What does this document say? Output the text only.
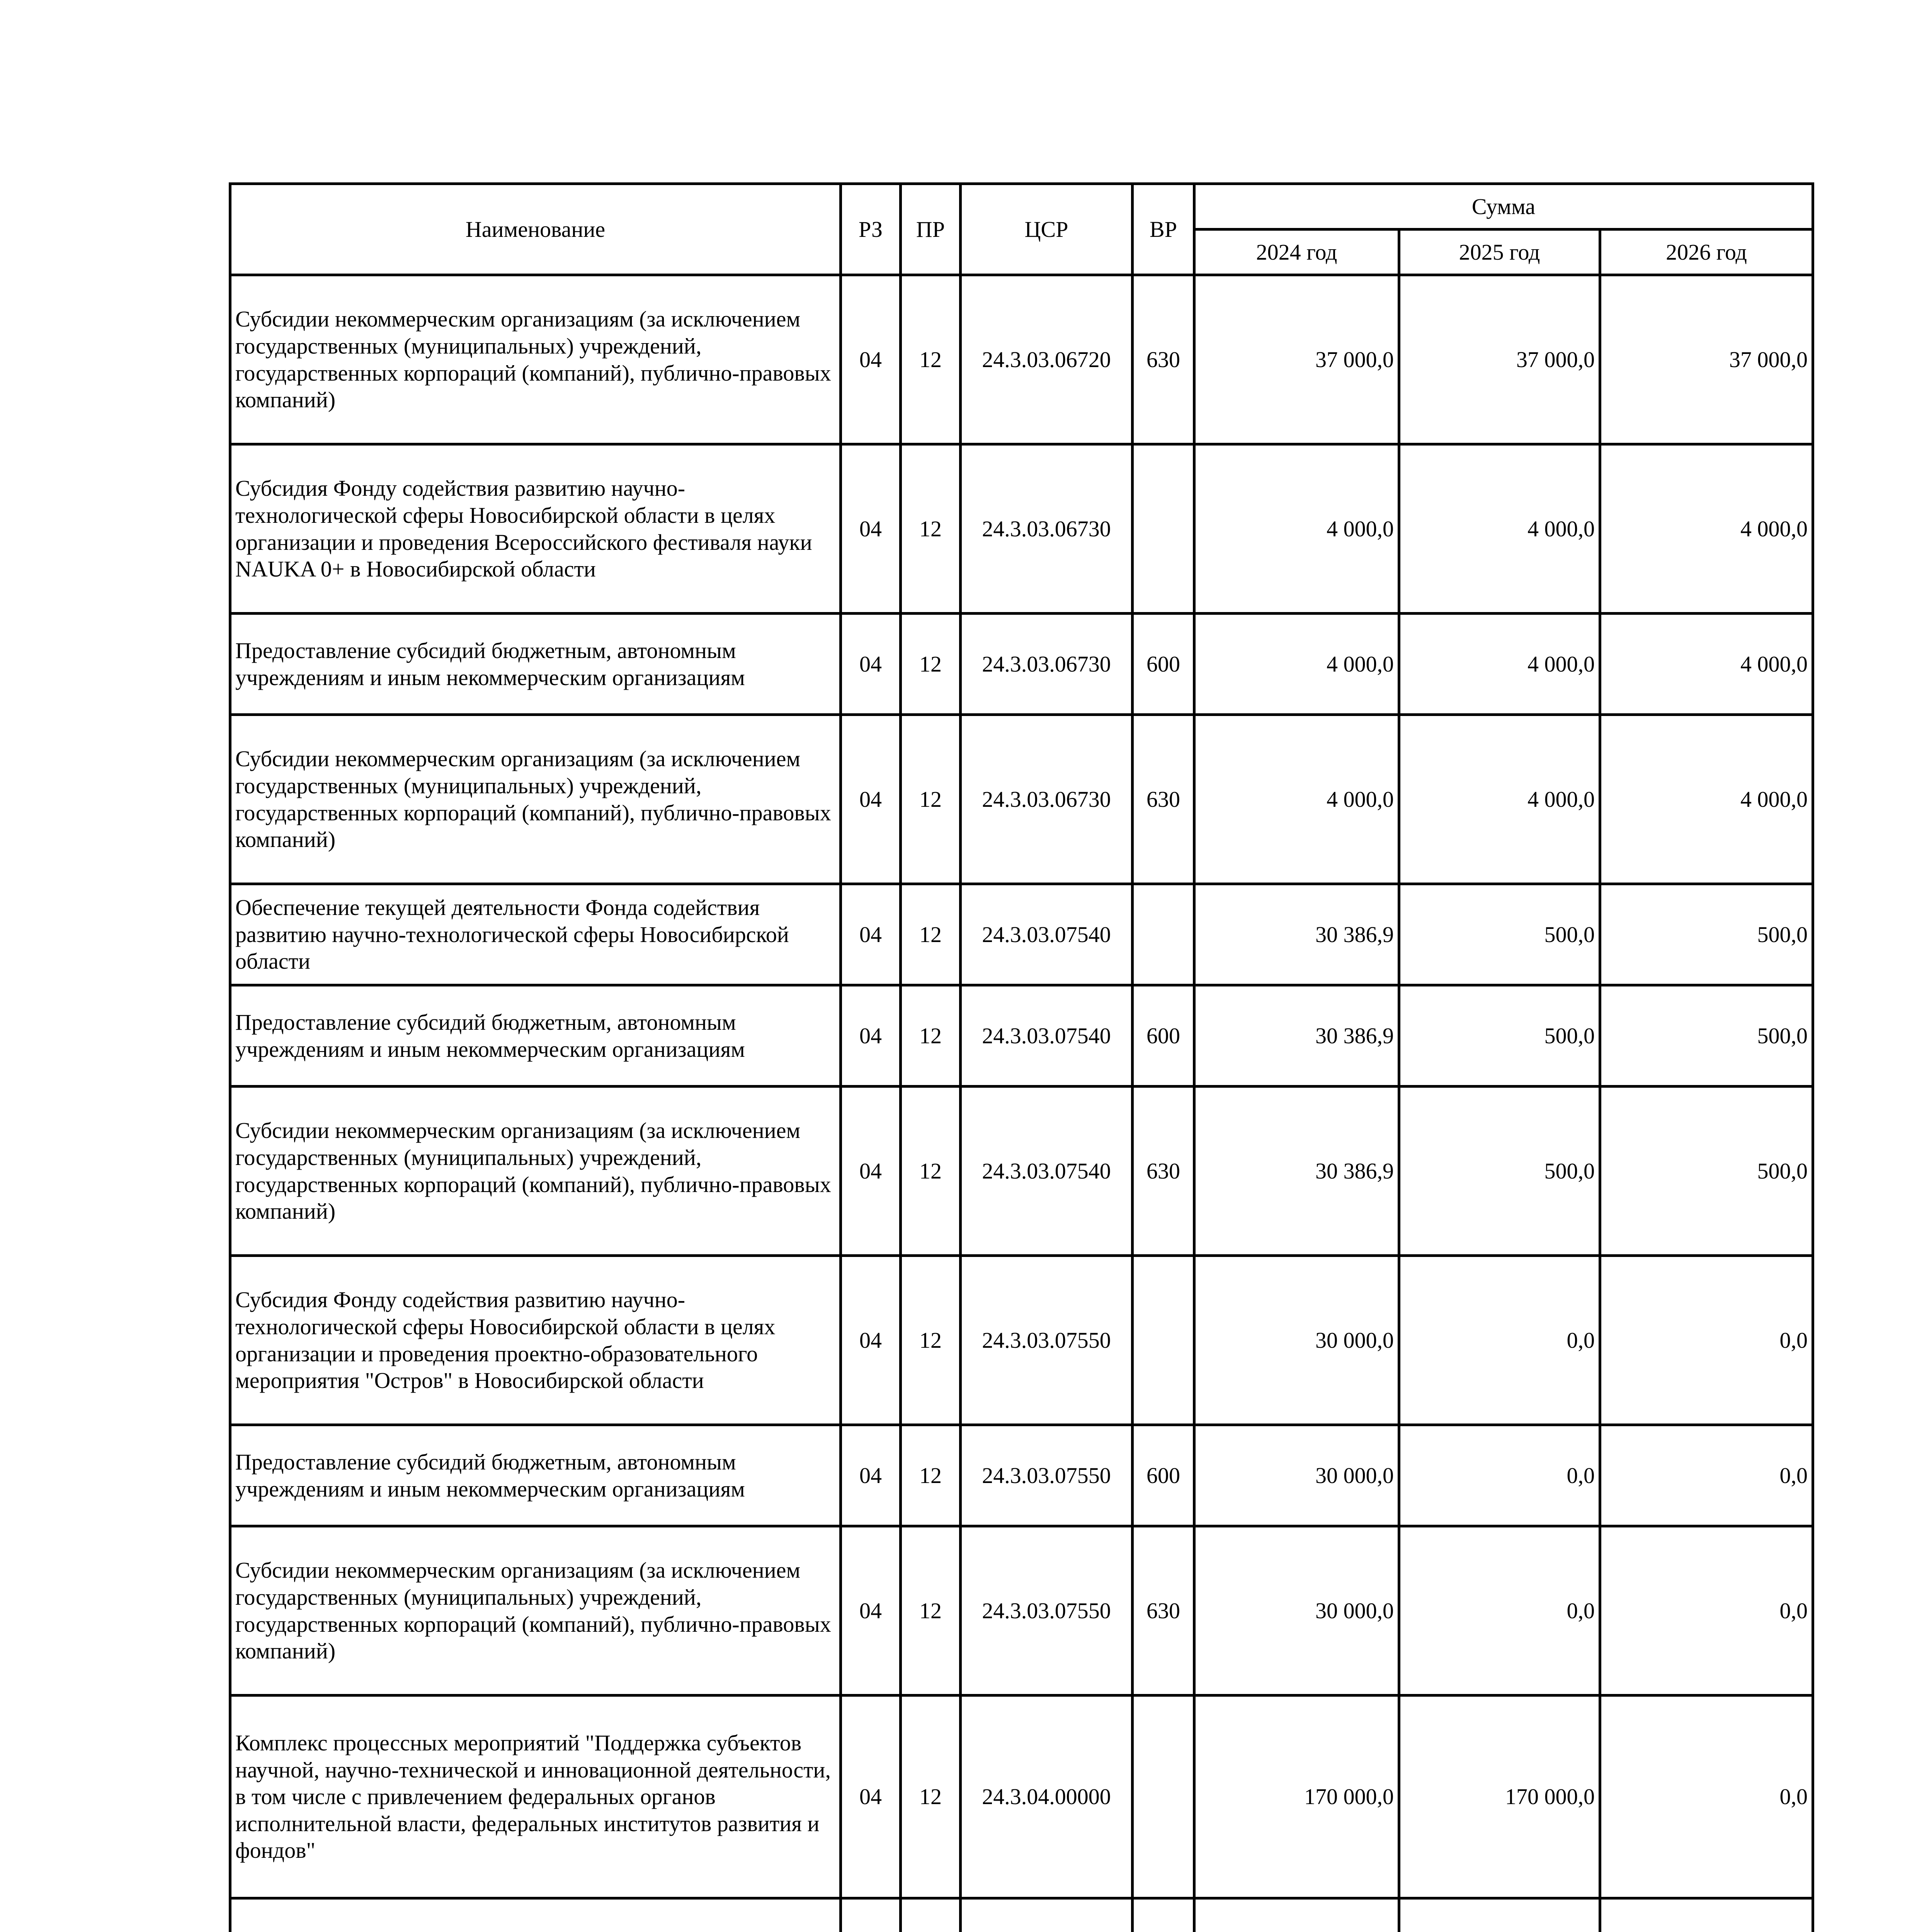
Наименование	РЗ	ПР	ЦСР	ВР	Сумма		
					2024 год	2025 год	2026 год
Субсидии некоммерческим организациям (за исключением государственных (муниципальных) учреждений, государственных корпораций (компаний), публично-правовых компаний)	04	12	24.3.03.06720	630	37 000,0	37 000,0	37 000,0
Субсидия Фонду содействия развитию научно-технологической сферы Новосибирской области в целях организации и проведения Всероссийского фестиваля науки NAUKA 0+ в Новосибирской области	04	12	24.3.03.06730		4 000,0	4 000,0	4 000,0
Предоставление субсидий бюджетным, автономным учреждениям и иным некоммерческим организациям	04	12	24.3.03.06730	600	4 000,0	4 000,0	4 000,0
Субсидии некоммерческим организациям (за исключением государственных (муниципальных) учреждений, государственных корпораций (компаний), публично-правовых компаний)	04	12	24.3.03.06730	630	4 000,0	4 000,0	4 000,0
Обеспечение текущей деятельности Фонда содействия развитию научно-технологической сферы Новосибирской области	04	12	24.3.03.07540		30 386,9	500,0	500,0
Предоставление субсидий бюджетным, автономным учреждениям и иным некоммерческим организациям	04	12	24.3.03.07540	600	30 386,9	500,0	500,0
Субсидии некоммерческим организациям (за исключением государственных (муниципальных) учреждений, государственных корпораций (компаний), публично-правовых компаний)	04	12	24.3.03.07540	630	30 386,9	500,0	500,0
Субсидия Фонду содействия развитию научно-технологической сферы Новосибирской области в целях организации и проведения проектно-образовательного мероприятия "Остров" в Новосибирской области	04	12	24.3.03.07550		30 000,0	0,0	0,0
Предоставление субсидий бюджетным, автономным учреждениям и иным некоммерческим организациям	04	12	24.3.03.07550	600	30 000,0	0,0	0,0
Субсидии некоммерческим организациям (за исключением государственных (муниципальных) учреждений, государственных корпораций (компаний), публично-правовых компаний)	04	12	24.3.03.07550	630	30 000,0	0,0	0,0
Комплекс процессных мероприятий "Поддержка субъектов научной, научно-технической и инновационной деятельности, в том числе с привлечением федеральных органов исполнительной власти, федеральных институтов развития и фондов"	04	12	24.3.04.00000		170 000,0	170 000,0	0,0
